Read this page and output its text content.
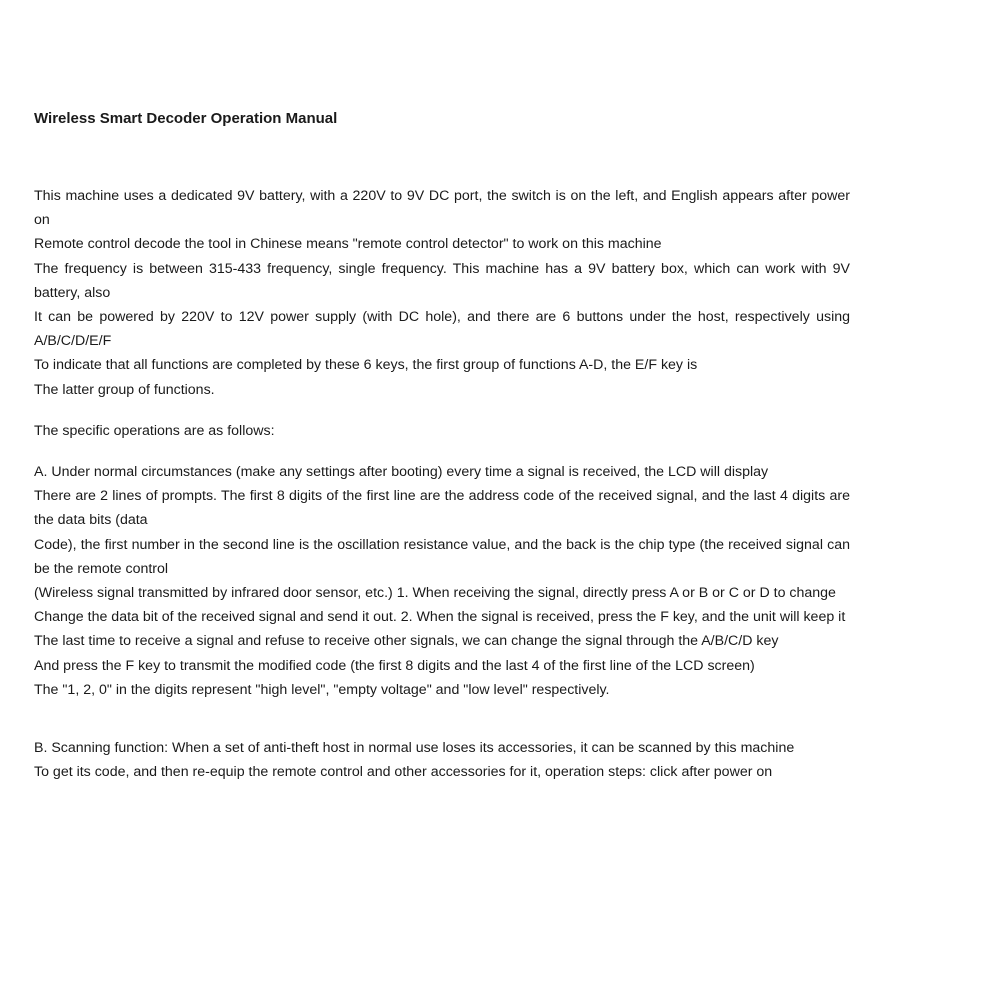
Wireless Smart Decoder Operation Manual
This machine uses a dedicated 9V battery, with a 220V to 9V DC port, the switch is on the left, and English appears after power on
Remote control decode the tool in Chinese means "remote control detector" to work on this machine
The frequency is between 315-433 frequency, single frequency. This machine has a 9V battery box, which can work with 9V battery, also
It can be powered by 220V to 12V power supply (with DC hole), and there are 6 buttons under the host, respectively using A/B/C/D/E/F
To indicate that all functions are completed by these 6 keys, the first group of functions A-D, the E/F key is
The latter group of functions.
The specific operations are as follows:
A. Under normal circumstances (make any settings after booting) every time a signal is received, the LCD will display
There are 2 lines of prompts. The first 8 digits of the first line are the address code of the received signal, and the last 4 digits are the data bits (data
Code), the first number in the second line is the oscillation resistance value, and the back is the chip type (the received signal can be the remote control
(Wireless signal transmitted by infrared door sensor, etc.) 1. When receiving the signal, directly press A or B or C or D to change
Change the data bit of the received signal and send it out. 2. When the signal is received, press the F key, and the unit will keep it
The last time to receive a signal and refuse to receive other signals, we can change the signal through the A/B/C/D key
And press the F key to transmit the modified code (the first 8 digits and the last 4 of the first line of the LCD screen)
The "1, 2, 0" in the digits represent "high level", "empty voltage" and "low level" respectively.
B. Scanning function: When a set of anti-theft host in normal use loses its accessories, it can be scanned by this machine
To get its code, and then re-equip the remote control and other accessories for it, operation steps: click after power on
